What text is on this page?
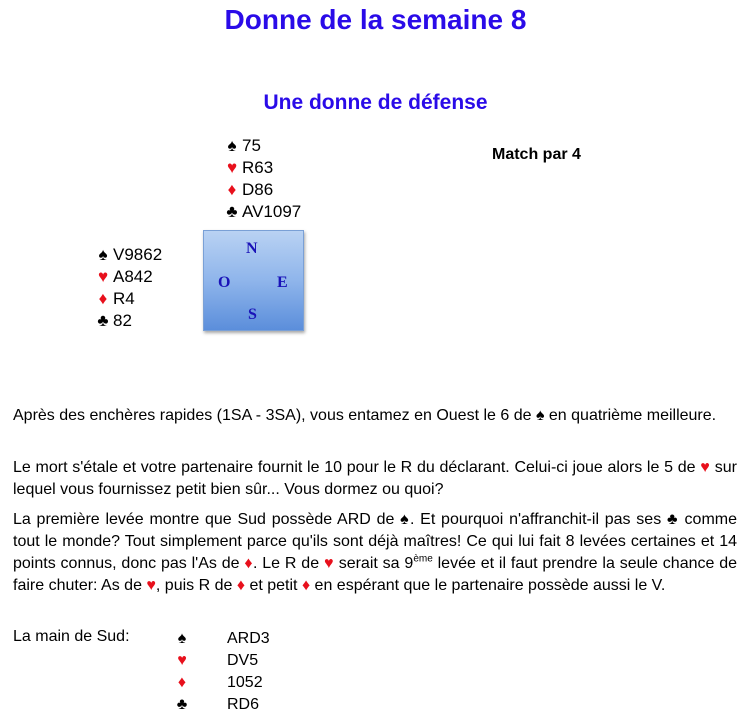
Donne de la semaine 8
Une donne de défense
Match par 4
♠ 75
♥ R63
♦ D86
♣ AV1097
♠ V9862
♥ A842
♦ R4
♣ 82
N
O	E
S

Après des enchères rapides (1SA - 3SA), vous entamez en Ouest le 6 de ♠ en quatrième meilleure.

Le mort s'étale et votre partenaire fournit le 10 pour le R du déclarant. Celui-ci joue alors le 5 de ♥ sur lequel vous fournissez petit bien sûr... Vous dormez ou quoi?

La première levée montre que Sud possède ARD de ♠. Et pourquoi n'affranchit-il pas ses ♣ comme tout le monde? Tout simplement parce qu'ils sont déjà maîtres! Ce qui lui fait 8 levées certaines et 14 points connus, donc pas l'As de ♦. Le R de ♥ serait sa 9ème levée et il faut prendre la seule chance de faire chuter: As de ♥, puis R de ♦ et petit ♦ en espérant que le partenaire possède aussi le V.

La main de Sud:	♠	ARD3
♥	DV5
♦	1052
♣ RD6
